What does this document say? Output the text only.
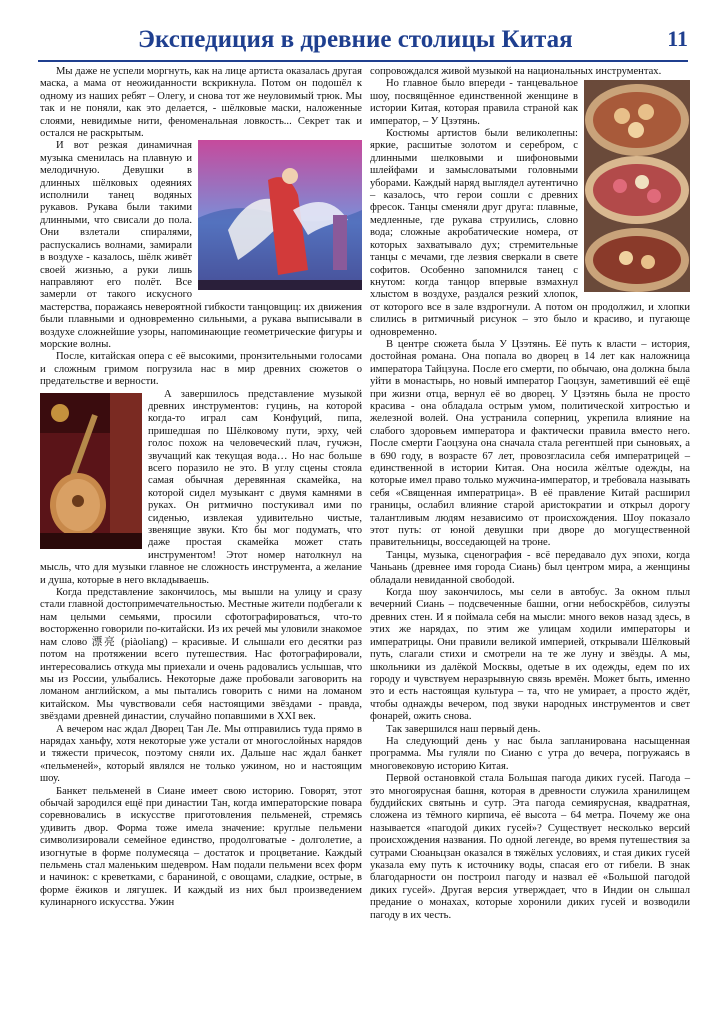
Экспедиция в древние столицы Китая	11

Мы даже не успели моргнуть, как на лице артиста оказалась другая маска, а мама от неожиданности вскрикнула. Потом он подошёл к одному из наших ребят – Олегу, и снова тот же неуловимый трюк. Мы так и не поняли, как это делается, - шёлковые маски, наложенные слоями, невидимые нити, феноменальная ловкость... Секрет так и остался не раскрытым.

И вот резкая динамичная музыка сменилась на плавную и мелодичную. Девушки в длинных шёлковых одеяниях исполнили танец водяных рукавов. Рукава были такими длинными, что свисали до пола. Они взлетали спиралями, распускались волнами, замирали в воздухе - казалось, шёлк живёт своей жизнью, а руки лишь направляют его полёт. Все замерли от такого искусного мастерства, поражаясь невероятной гибкости танцовщиц: их движения были плавными и одновременно сильными, а рукава выписывали в воздухе сложнейшие узоры, напоминающие геометрические фигуры и морские волны.

После, китайская опера с её высокими, пронзительными голосами и сложным гримом погрузила нас в мир древних сюжетов о предательстве и верности.

А завершилось представление музыкой древних инструментов: гуцинь, на которой когда-то играл сам Конфуций, пипа, пришедшая по Шёлковому пути, эрху, чей голос похож на человеческий плач, гучжэн, звучащий как текущая вода… Но нас больше всего поразило не это. В углу сцены стояла самая обычная деревянная скамейка, на которой сидел музыкант с двумя камнями в руках. Он ритмично постукивал ими по сиденью, извлекая удивительно чистые, звенящие звуки. Кто бы мог подумать, что даже простая скамейка может стать инструментом! Этот номер натолкнул на мысль, что для музыки главное не сложность инструмента, а желание и душа, которые в него вкладываешь.

Когда представление закончилось, мы вышли на улицу и сразу стали главной достопримечательностью. Местные жители подбегали к нам целыми семьями, просили сфотографироваться, что-то восторженно говорили по-китайски. Из их речей мы уловили знакомое нам слово 漂亮 (piàoliang) – красивые. И слышали его десятки раз потом на протяжении всего путешествия. Нас фотографировали, интересовались откуда мы приехали и очень радовались услышав, что мы из России, улыбались. Некоторые даже пробовали заговорить на ломаном английском, а мы пытались говорить с ними на ломаном китайском. Мы чувствовали себя настоящими звёздами - правда, звёздами древней династии, случайно попавшими в XXI век.

А вечером нас ждал Дворец Тан Ле. Мы отправились туда прямо в нарядах ханьфу, хотя некоторые уже устали от многослойных нарядов и тяжести причесок, поэтому сняли их. Дальше нас ждал банкет «пельменей», который являлся не только ужином, но и настоящим шоу.

Банкет пельменей в Сиане имеет свою историю. Говорят, этот обычай зародился ещё при династии Тан, когда императорские повара соревновались в искусстве приготовления пельменей, стремясь удивить двор. Форма тоже имела значение: круглые пельмени символизировали семейное единство, продолговатые - долголетие, а изогнутые в форме полумесяца – достаток и процветание. Каждый пельмень стал маленьким шедевром. Нам подали пельмени всех форм и начинок: с креветками, с бараниной, с овощами, сладкие, острые, в форме ёжиков и лягушек. И каждый из них был произведением кулинарного искусства. Ужин

сопровождался живой музыкой на национальных инструментах.

Но главное было впереди - танцевальное шоу, посвящённое единственной женщине в истории Китая, которая правила страной как император, – У Цзэтянь.

Костюмы артистов были великолепны: яркие, расшитые золотом и серебром, с длинными шелковыми и шифоновыми шлейфами и замысловатыми головными уборами. Каждый наряд выглядел аутентично – казалось, что герои сошли с древних фресок. Танцы сменяли друг друга: плавные, медленные, где рукава струились, словно вода; сложные акробатические номера, от которых захватывало дух; стремительные танцы с мечами, где лезвия сверкали в свете софитов. Особенно запомнился танец с кнутом: когда танцор впервые взмахнул хлыстом в воздухе, раздался резкий хлопок, от которого все в зале вздрогнули. А потом он продолжил, и хлопки слились в ритмичный рисунок – это было и красиво, и пугающе одновременно.

В центре сюжета была У Цзэтянь. Её путь к власти – история, достойная романа. Она попала во дворец в 14 лет как наложница императора Тайцзуна. После его смерти, по обычаю, она должна была уйти в монастырь, но новый император Гаоцзун, заметивший её ещё при жизни отца, вернул её во дворец. У Цзэтянь была не просто красива - она обладала острым умом, политической хитростью и железной волей. Она устранила соперниц, укрепила влияние на слабого здоровьем императора и фактически правила вместо него. После смерти Гаоцзуна она сначала стала регентшей при сыновьях, а в 690 году, в возрасте 67 лет, провозгласила себя императрицей – единственной в истории Китая. Она носила жёлтые одежды, на которые имел право только мужчина-император, и требовала называть себя «Священная императрица». В её правление Китай расширил границы, ослабил влияние старой аристократии и открыл дорогу талантливым людям независимо от происхождения. Шоу показало этот путь: от юной девушки при дворе до могущественной правительницы, восседающей на троне.

Танцы, музыка, сценография - всё передавало дух эпохи, когда Чаньань (древнее имя города Сиань) был центром мира, а женщины обладали невиданной свободой.

Когда шоу закончилось, мы сели в автобус. За окном плыл вечерний Сиань – подсвеченные башни, огни небоскрёбов, силуэты древних стен. И я поймала себя на мысли: много веков назад здесь, в этих же нарядах, по этим же улицам ходили императоры и императрицы. Они правили великой империей, открывали Шёлковый путь, слагали стихи и смотрели на те же луну и звёзды. А мы, школьники из далёкой Москвы, одетые в их одежды, едем по их городу и чувствуем неразрывную связь времён. Может быть, именно это и есть настоящая культура – та, что не умирает, а просто ждёт, чтобы однажды вечером, под звуки народных инструментов и свет фонарей, ожить снова.

Так завершился наш первый день.

На следующий день у нас была запланирована насыщенная программа. Мы гуляли по Сианю с утра до вечера, погружаясь в многовековую историю Китая.

Первой остановкой стала Большая пагода диких гусей. Пагода – это многоярусная башня, которая в древности служила хранилищем буддийских святынь и сутр. Эта пагода семиярусная, квадратная, сложена из тёмного кирпича, её высота – 64 метра. Почему же она называется «пагодой диких гусей»? Существует несколько версий происхождения названия. По одной легенде, во время путешествия за сутрами Сюаньцзан оказался в тяжёлых условиях, и стая диких гусей указала ему путь к источнику воды, спасая его от гибели. В знак благодарности он построил пагоду и назвал её «Большой пагодой диких гусей». Другая версия утверждает, что в Индии он слышал предание о монахах, которые хоронили диких гусей и возводили пагоду в их честь.
